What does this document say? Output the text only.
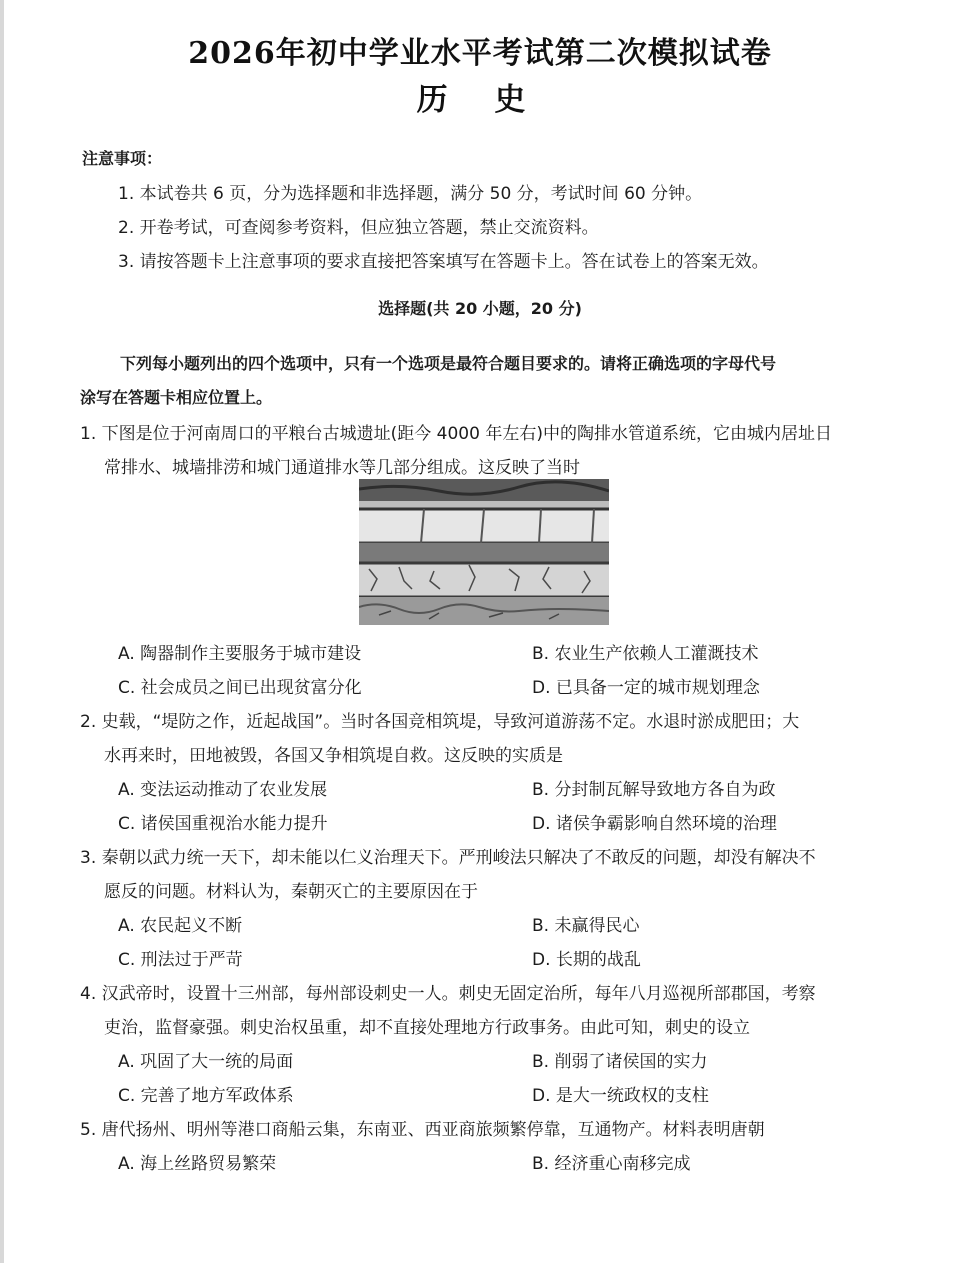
2026年初中学业水平考试第二次模拟试卷
历 史
注意事项：
1. 本试卷共 6 页，分为选择题和非选择题，满分 50 分，考试时间 60 分钟。
2. 开卷考试，可查阅参考资料，但应独立答题，禁止交流资料。
3. 请按答题卡上注意事项的要求直接把答案填写在答题卡上。答在试卷上的答案无效。
选择题(共 20 小题，20 分)
下列每小题列出的四个选项中，只有一个选项是最符合题目要求的。请将正确选项的字母代号
涂写在答题卡相应位置上。
1. 下图是位于河南周口的平粮台古城遗址(距今 4000 年左右)中的陶排水管道系统，它由城内居址日
常排水、城墙排涝和城门通道排水等几部分组成。这反映了当时
A. 陶器制作主要服务于城市建设	B. 农业生产依赖人工灌溉技术
C. 社会成员之间已出现贫富分化	D. 已具备一定的城市规划理念
2. 史载，“堤防之作，近起战国”。当时各国竞相筑堤，导致河道游荡不定。水退时淤成肥田；大
水再来时，田地被毁，各国又争相筑堤自救。这反映的实质是
A. 变法运动推动了农业发展	B. 分封制瓦解导致地方各自为政
C. 诸侯国重视治水能力提升	D. 诸侯争霸影响自然环境的治理
3. 秦朝以武力统一天下，却未能以仁义治理天下。严刑峻法只解决了不敢反的问题，却没有解决不
愿反的问题。材料认为，秦朝灭亡的主要原因在于
A. 农民起义不断	B. 未赢得民心
C. 刑法过于严苛	D. 长期的战乱
4. 汉武帝时，设置十三州部，每州部设刺史一人。刺史无固定治所，每年八月巡视所部郡国，考察
吏治，监督豪强。刺史治权虽重，却不直接处理地方行政事务。由此可知，刺史的设立
A. 巩固了大一统的局面	B. 削弱了诸侯国的实力
C. 完善了地方军政体系	D. 是大一统政权的支柱
5. 唐代扬州、明州等港口商船云集，东南亚、西亚商旅频繁停靠，互通物产。材料表明唐朝
A. 海上丝路贸易繁荣	B. 经济重心南移完成
